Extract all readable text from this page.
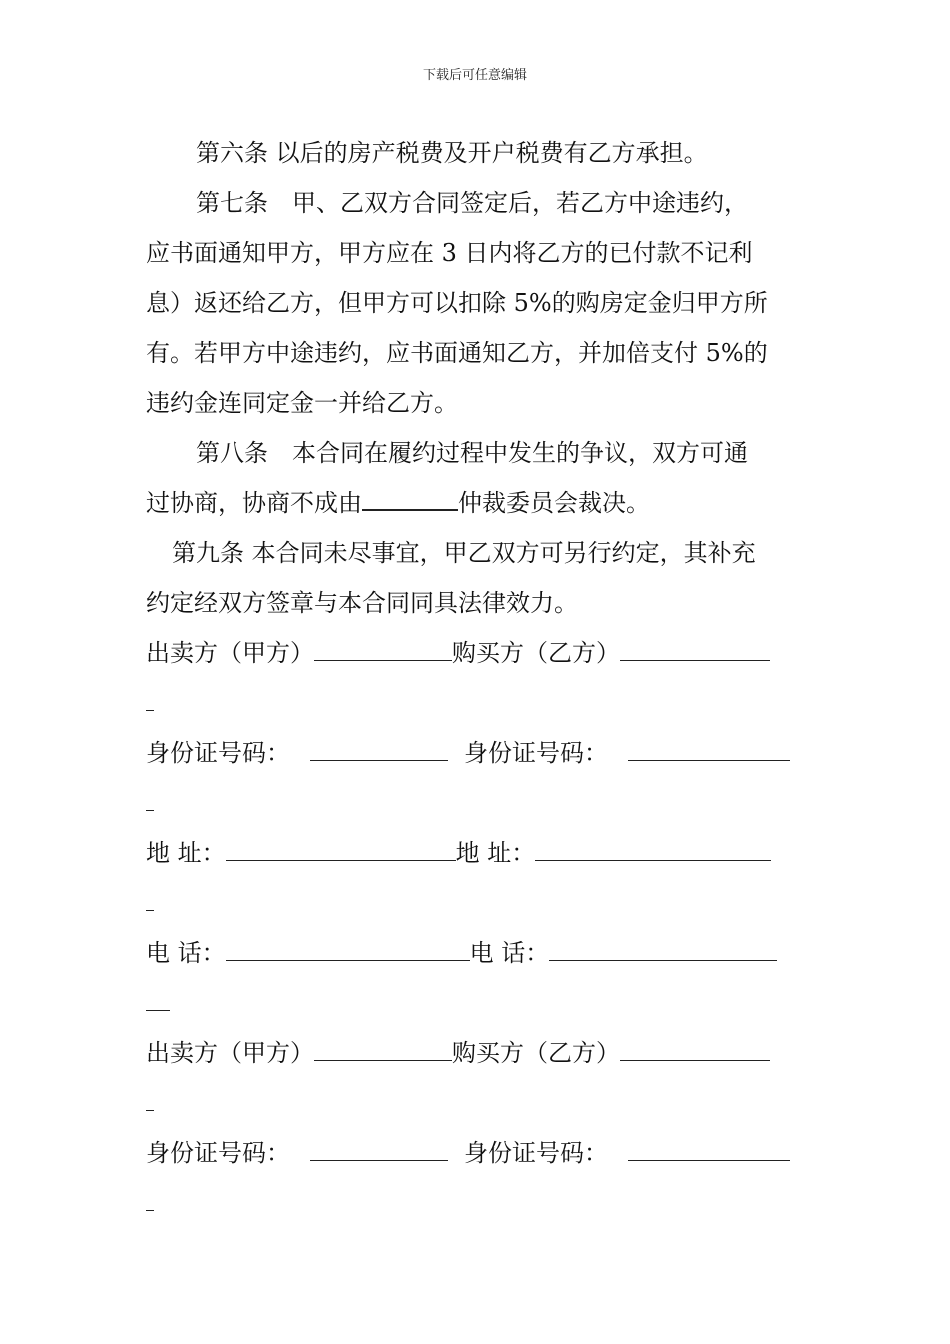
下载后可任意编辑
第六条 以后的房产税费及开户税费有乙方承担。
第七条　甲、乙双方合同签定后，若乙方中途违约，
应书面通知甲方，甲方应在 3 日内将乙方的已付款不记利
息）返还给乙方，但甲方可以扣除 5%的购房定金归甲方所
有。若甲方中途违约，应书面通知乙方，并加倍支付 5%的
违约金连同定金一并给乙方。
第八条　本合同在履约过程中发生的争议，双方可通
过协商，协商不成由	仲裁委员会裁决。
第九条 本合同未尽事宜，甲乙双方可另行约定，其补充
约定经双方签章与本合同同具法律效力。
出卖方（甲方）	购买方（乙方）
身份证号码：	身份证号码：
地 址：	地 址：
电 话：	电 话：
出卖方（甲方）	购买方（乙方）
身份证号码：	身份证号码：
